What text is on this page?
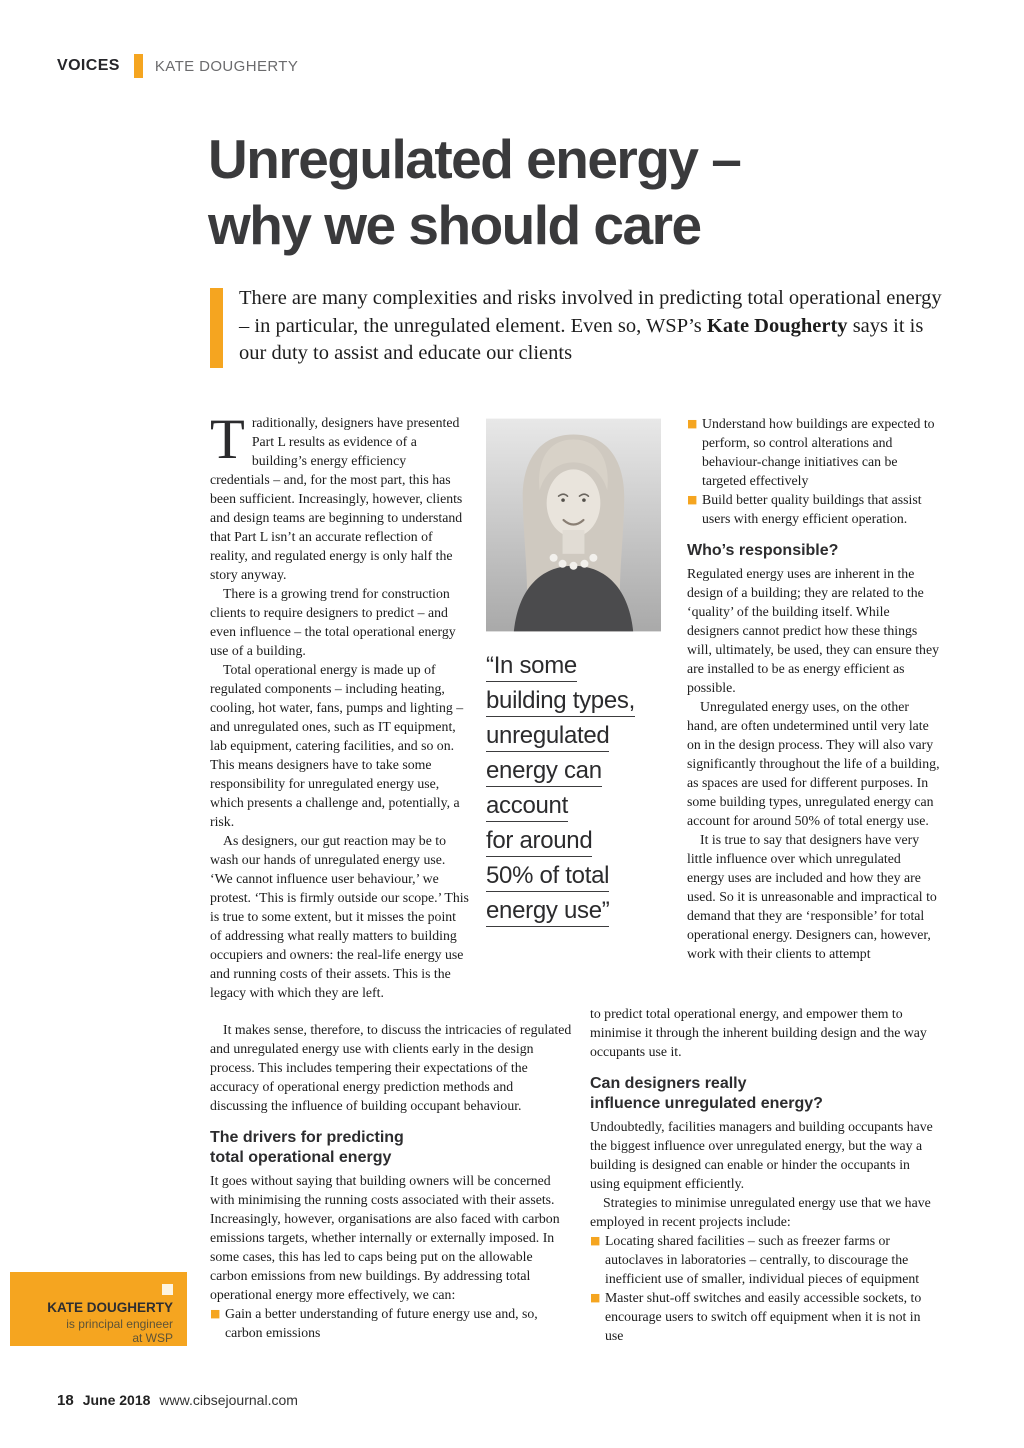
VOICES KATE DOUGHERTY
Unregulated energy –
why we should care
There are many complexities and risks involved in predicting total operational energy – in particular, the unregulated element. Even so, WSP’s Kate Dougherty says it is our duty to assist and educate our clients

Traditionally, designers have presented Part L results as evidence of a building’s energy efficiency credentials – and, for the most part, this has been sufficient. Increasingly, however, clients and design teams are beginning to understand that Part L isn’t an accurate reflection of reality, and regulated energy is only half the story anyway.

There is a growing trend for construction clients to require designers to predict – and even influence – the total operational energy use of a building.

Total operational energy is made up of regulated components – including heating, cooling, hot water, fans, pumps and lighting – and unregulated ones, such as IT equipment, lab equipment, catering facilities, and so on. This means designers have to take some responsibility for unregulated energy use, which presents a challenge and, potentially, a risk.

As designers, our gut reaction may be to wash our hands of unregulated energy use. ‘We cannot influence user behaviour,’ we protest. ‘This is firmly outside our scope.’ This is true to some extent, but it misses the point of addressing what really matters to building occupiers and owners: the real-life energy use and running costs of their assets. This is the legacy with which they are left.

“In some
building types,
unregulated
energy can
account
for around
50% of total
energy use”

■ Understand how buildings are expected to perform, so control alterations and behaviour-change initiatives can be targeted effectively

■ Build better quality buildings that assist users with energy efficient operation.

Who’s responsible?

Regulated energy uses are inherent in the design of a building; they are related to the ‘quality’ of the building itself. While designers cannot predict how these things will, ultimately, be used, they can ensure they are installed to be as energy efficient as possible.

Unregulated energy uses, on the other hand, are often undetermined until very late on in the design process. They will also vary significantly throughout the life of a building, as spaces are used for different purposes. In some building types, unregulated energy can account for around 50% of total energy use.

It is true to say that designers have very little influence over which unregulated energy uses are included and how they are used. So it is unreasonable and impractical to demand that they are ‘responsible’ for total operational energy. Designers can, however, work with their clients to attempt

It makes sense, therefore, to discuss the intricacies of regulated and unregulated energy use with clients early in the design process. This includes tempering their expectations of the accuracy of operational energy prediction methods and discussing the influence of building occupant behaviour.

The drivers for predicting
total operational energy

It goes without saying that building owners will be concerned with minimising the running costs associated with their assets. Increasingly, however, organisations are also faced with carbon emissions targets, whether internally or externally imposed. In some cases, this has led to caps being put on the allowable carbon emissions from new buildings. By addressing total operational energy more effectively, we can:

■ Gain a better understanding of future energy use and, so, carbon emissions

to predict total operational energy, and empower them to minimise it through the inherent building design and the way occupants use it.

Can designers really
influence unregulated energy?

Undoubtedly, facilities managers and building occupants have the biggest influence over unregulated energy, but the way a building is designed can enable or hinder the occupants in using equipment efficiently.

Strategies to minimise unregulated energy use that we have employed in recent projects include:

■ Locating shared facilities – such as freezer farms or autoclaves in laboratories – centrally, to discourage the inefficient use of smaller, individual pieces of equipment

■ Master shut-off switches and easily accessible sockets, to encourage users to switch off equipment when it is not in use

KATE DOUGHERTY
is principal engineer
at WSP
18 June 2018 www.cibsejournal.com
